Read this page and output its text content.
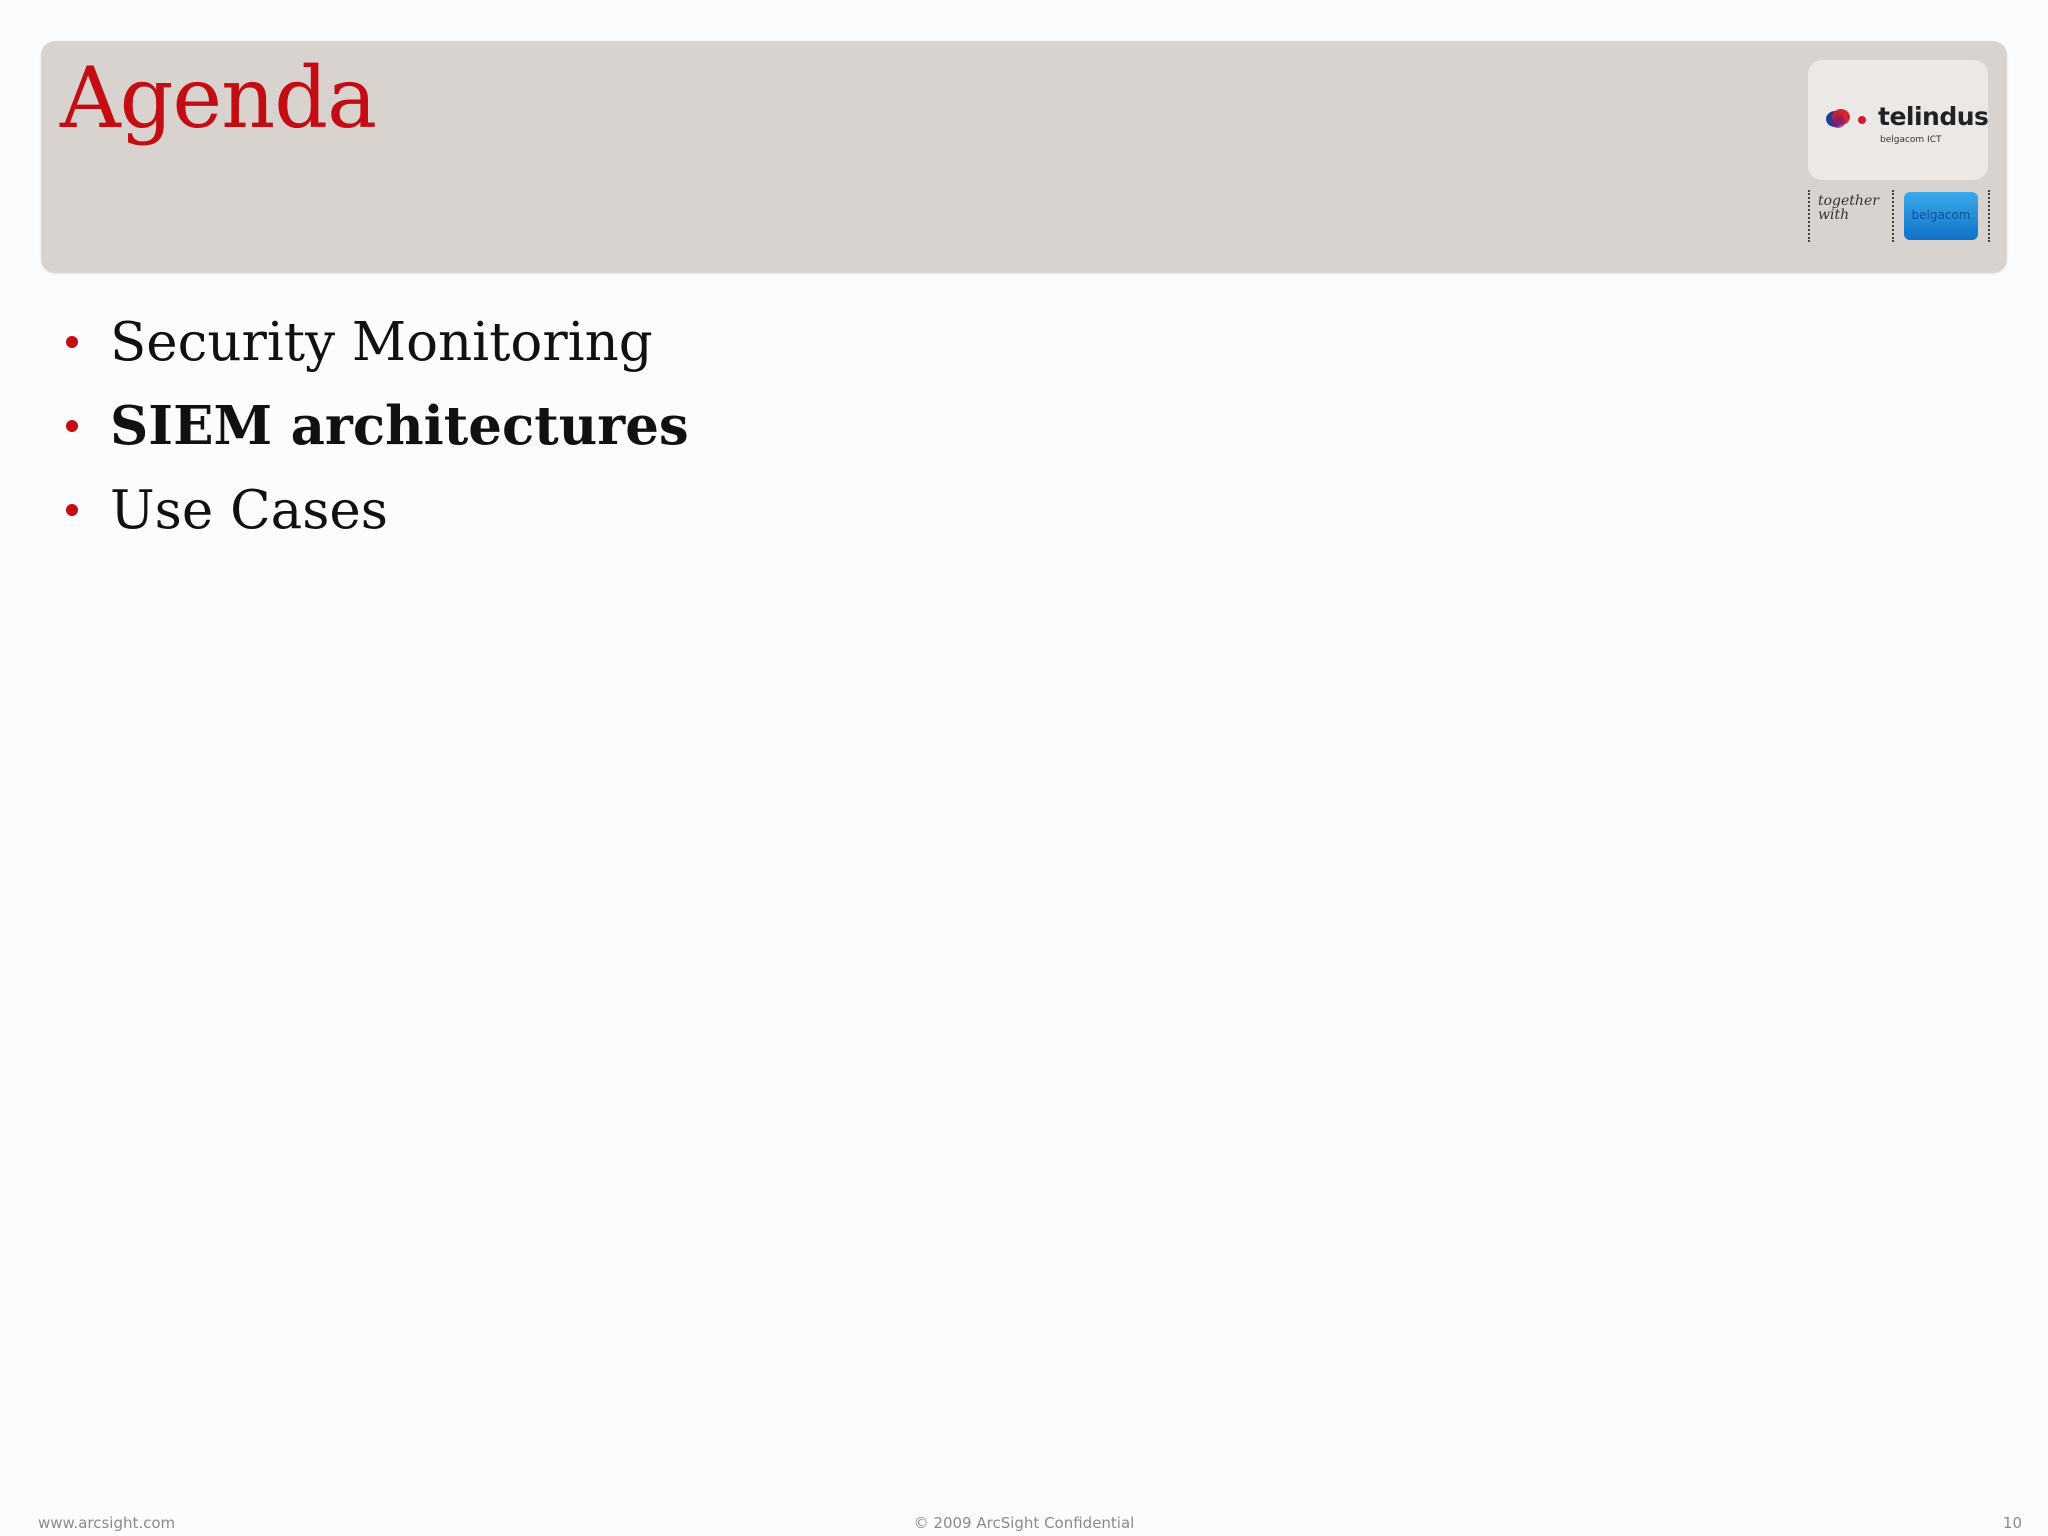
Agenda	telindus
belgacom ICT
together with	belgacom
Security Monitoring
SIEM architectures
Use Cases
www.arcsight.com	© 2009 ArcSight Confidential	10
